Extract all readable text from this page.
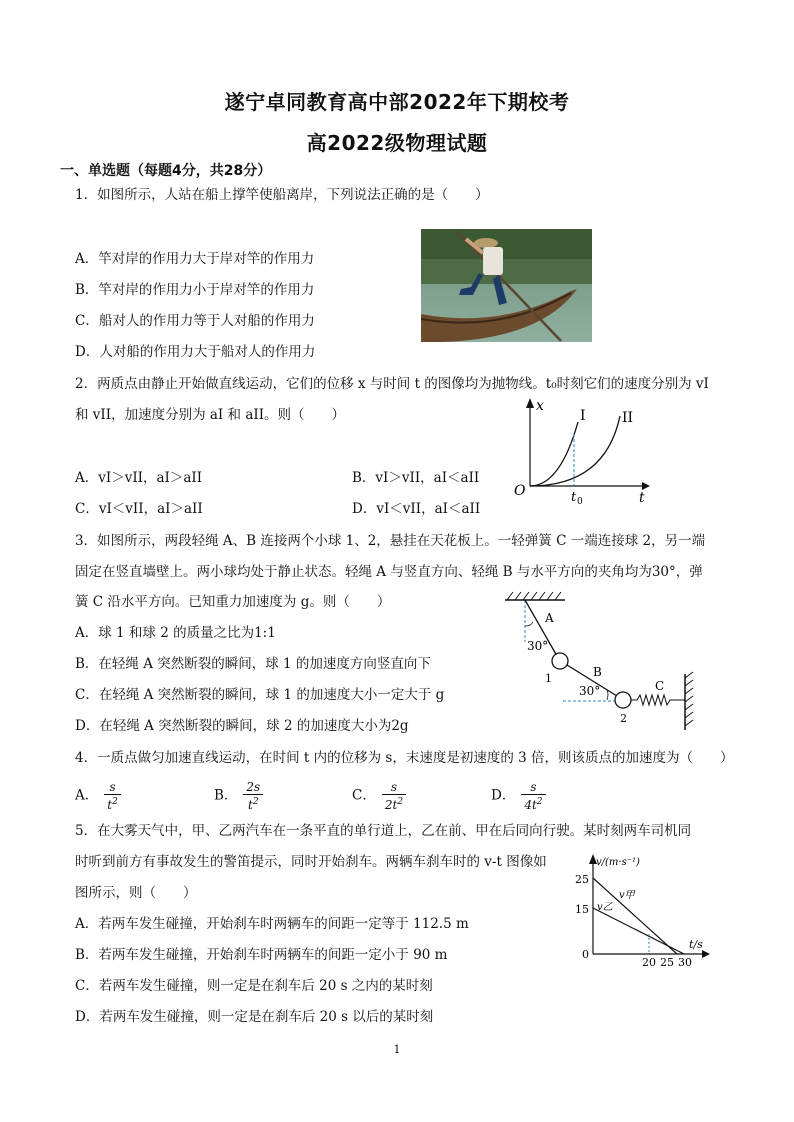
遂宁卓同教育高中部2022年下期校考
高2022级物理试题
一、单选题（每题4分，共28分）
1．如图所示，人站在船上撑竿使船离岸，下列说法正确的是（　　）
A．竿对岸的作用力大于岸对竿的作用力
B．竿对岸的作用力小于岸对竿的作用力
C．船对人的作用力等于人对船的作用力
D．人对船的作用力大于船对人的作用力
2．两质点由静止开始做直线运动，它们的位移 x 与时间 t 的图像均为抛物线。t₀时刻它们的速度分别为 vI
和 vII，加速度分别为 aI 和 aII。则（　　）
A．vI＞vII，aI＞aII	B．vI＞vII，aI＜aII
C．vI＜vII，aI＞aII	D．vI＜vII，aI＜aII
x
t
O	t 0
I	II
3．如图所示，两段轻绳 A、B 连接两个小球 1、2，悬挂在天花板上。一轻弹簧 C 一端连接球 2，另一端
固定在竖直墙壁上。两小球均处于静止状态。轻绳 A 与竖直方向、轻绳 B 与水平方向的夹角均为30°，弹
簧 C 沿水平方向。已知重力加速度为 g。则（　　）
A．球 1 和球 2 的质量之比为1:1
B．在轻绳 A 突然断裂的瞬间，球 1 的加速度方向竖直向下
C．在轻绳 A 突然断裂的瞬间，球 1 的加速度大小一定大于 g
D．在轻绳 A 突然断裂的瞬间，球 2 的加速度大小为2g
A
30°
1	B
30°
2
C
4．一质点做匀加速直线运动，在时间 t 内的位移为 s，末速度是初速度的 3 倍，则该质点的加速度为（　　）
A． $\frac{s}{t^2}$	B． $\frac{2s}{t^2}$	C． $\frac{s}{2t^2}$	D． $\frac{s}{4t^2}$
5．在大雾天气中，甲、乙两汽车在一条平直的单行道上，乙在前、甲在后同向行驶。某时刻两车司机同
时听到前方有事故发生的警笛提示，同时开始刹车。两辆车刹车时的 v-t 图像如
图所示，则（　　）
A．若两车发生碰撞，开始刹车时两辆车的间距一定等于 112.5 m
B．若两车发生碰撞，开始刹车时两辆车的间距一定小于 90 m
C．若两车发生碰撞，则一定是在刹车后 20 s 之内的某时刻
D．若两车发生碰撞，则一定是在刹车后 20 s 以后的某时刻
v/(m·s⁻¹)
t/s
25
15
0
20 25 30
v甲
v乙
1
